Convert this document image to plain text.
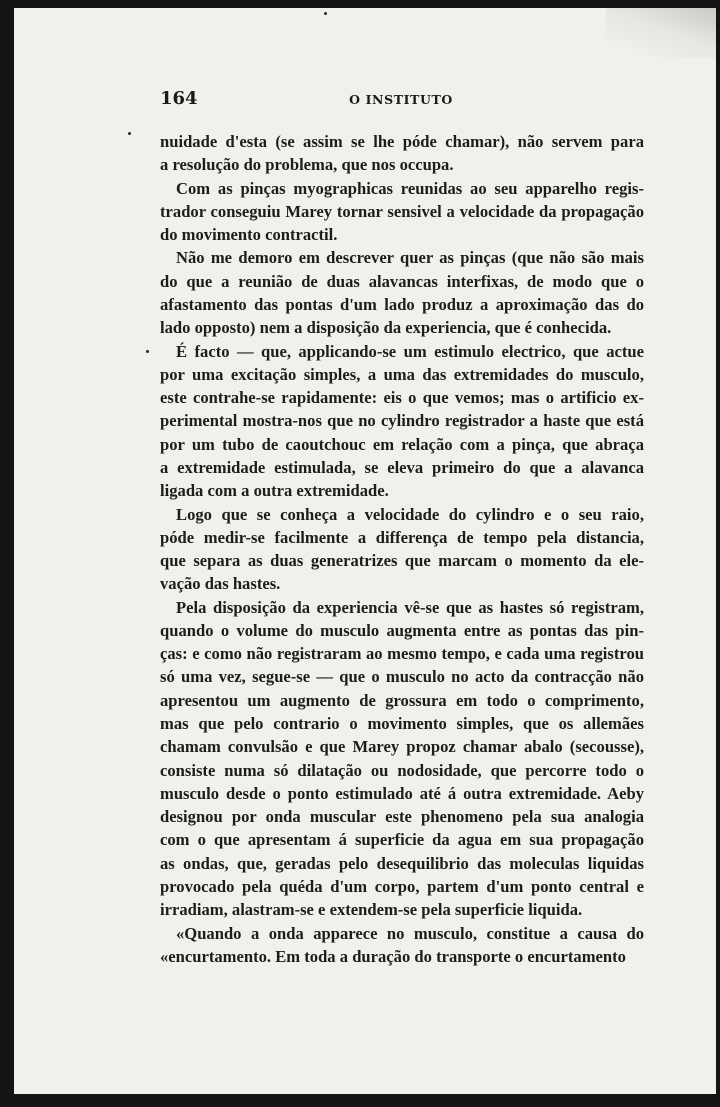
164	O INSTITUTO

nuidade d'esta (se assim se lhe póde chamar), não servem para
a resolução do problema, que nos occupa.

Com as pinças myographicas reunidas ao seu apparelho regis-
trador conseguiu Marey tornar sensivel a velocidade da propagação
do movimento contractil.

Não me demoro em descrever quer as pinças (que não são mais
do que a reunião de duas alavancas interfixas, de modo que o
afastamento das pontas d'um lado produz a aproximação das do
lado opposto) nem a disposição da experiencia, que é conhecida.

É facto — que, applicando-se um estimulo electrico, que actue
por uma excitação simples, a uma das extremidades do musculo,
este contrahe-se rapidamente: eis o que vemos; mas o artificio ex-
perimental mostra-nos que no cylindro registrador a haste que está
por um tubo de caoutchouc em relação com a pinça, que abraça
a extremidade estimulada, se eleva primeiro do que a alavanca
ligada com a outra extremidade.

Logo que se conheça a velocidade do cylindro e o seu raio,
póde medir-se facilmente a differença de tempo pela distancia,
que separa as duas generatrizes que marcam o momento da ele-
vação das hastes.

Pela disposição da experiencia vê-se que as hastes só registram,
quando o volume do musculo augmenta entre as pontas das pin-
ças: e como não registraram ao mesmo tempo, e cada uma registrou
só uma vez, segue-se — que o musculo no acto da contracção não
apresentou um augmento de grossura em todo o comprimento,
mas que pelo contrario o movimento simples, que os allemães
chamam convulsão e que Marey propoz chamar abalo (secousse),
consiste numa só dilatação ou nodosidade, que percorre todo o
musculo desde o ponto estimulado até á outra extremidade. Aeby
designou por onda muscular este phenomeno pela sua analogia
com o que apresentam á superficie da agua em sua propagação
as ondas, que, geradas pelo desequilibrio das moleculas liquidas
provocado pela quéda d'um corpo, partem d'um ponto central e
irradiam, alastram-se e extendem-se pela superficie liquida.

«Quando a onda apparece no musculo, constitue a causa do
«encurtamento. Em toda a duração do transporte o encurtamento
